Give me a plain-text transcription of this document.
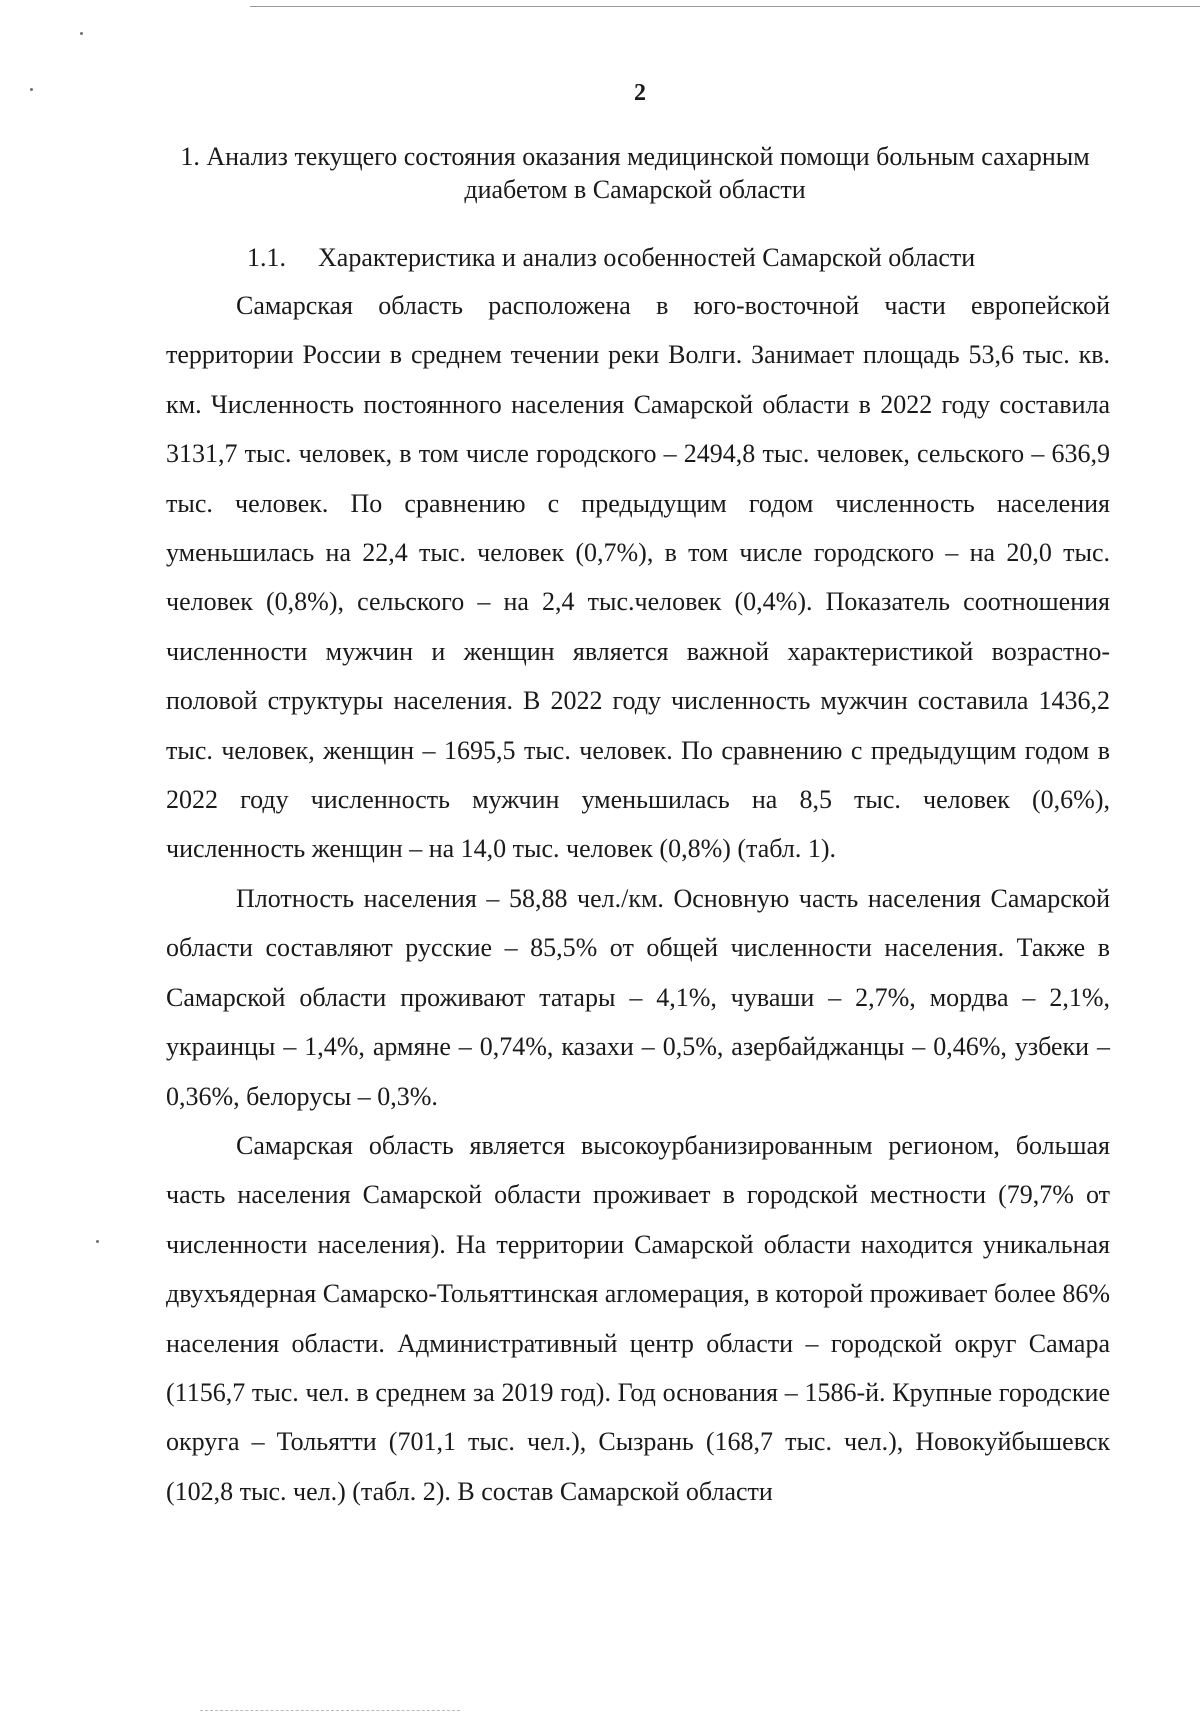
2
1. Анализ текущего состояния оказания медицинской помощи больным сахарным диабетом в Самарской области
1.1. Характеристика и анализ особенностей Самарской области

Самарская область расположена в юго-восточной части европейской территории России в среднем течении реки Волги. Занимает площадь 53,6 тыс. кв. км. Численность постоянного населения Самарской области в 2022 году составила 3131,7 тыс. человек, в том числе городского – 2494,8 тыс. человек, сельского – 636,9 тыс. человек. По сравнению с предыдущим годом численность населения уменьшилась на 22,4 тыс. человек (0,7%), в том числе городского – на 20,0 тыс. человек (0,8%), сельского – на 2,4 тыс.человек (0,4%). Показатель соотношения численности мужчин и женщин является важной характеристикой возрастно-половой структуры населения. В 2022 году численность мужчин составила 1436,2 тыс. человек, женщин – 1695,5 тыс. человек. По сравнению с предыдущим годом в 2022 году численность мужчин уменьшилась на 8,5 тыс. человек (0,6%), численность женщин – на 14,0 тыс. человек (0,8%) (табл. 1).

Плотность населения – 58,88 чел./км. Основную часть населения Самарской области составляют русские – 85,5% от общей численности населения. Также в Самарской области проживают татары – 4,1%, чуваши – 2,7%, мордва – 2,1%, украинцы – 1,4%, армяне – 0,74%, казахи – 0,5%, азербайджанцы – 0,46%, узбеки – 0,36%, белорусы – 0,3%.

Самарская область является высокоурбанизированным регионом, большая часть населения Самарской области проживает в городской местности (79,7% от численности населения). На территории Самарской области находится уникальная двухъядерная Самарско-Тольяттинская агломерация, в которой проживает более 86% населения области. Административный центр области – городской округ Самара (1156,7 тыс. чел. в среднем за 2019 год). Год основания – 1586-й. Крупные городские округа – Тольятти (701,1 тыс. чел.), Сызрань (168,7 тыс. чел.), Новокуйбышевск (102,8 тыс. чел.) (табл. 2). В состав Самарской области
